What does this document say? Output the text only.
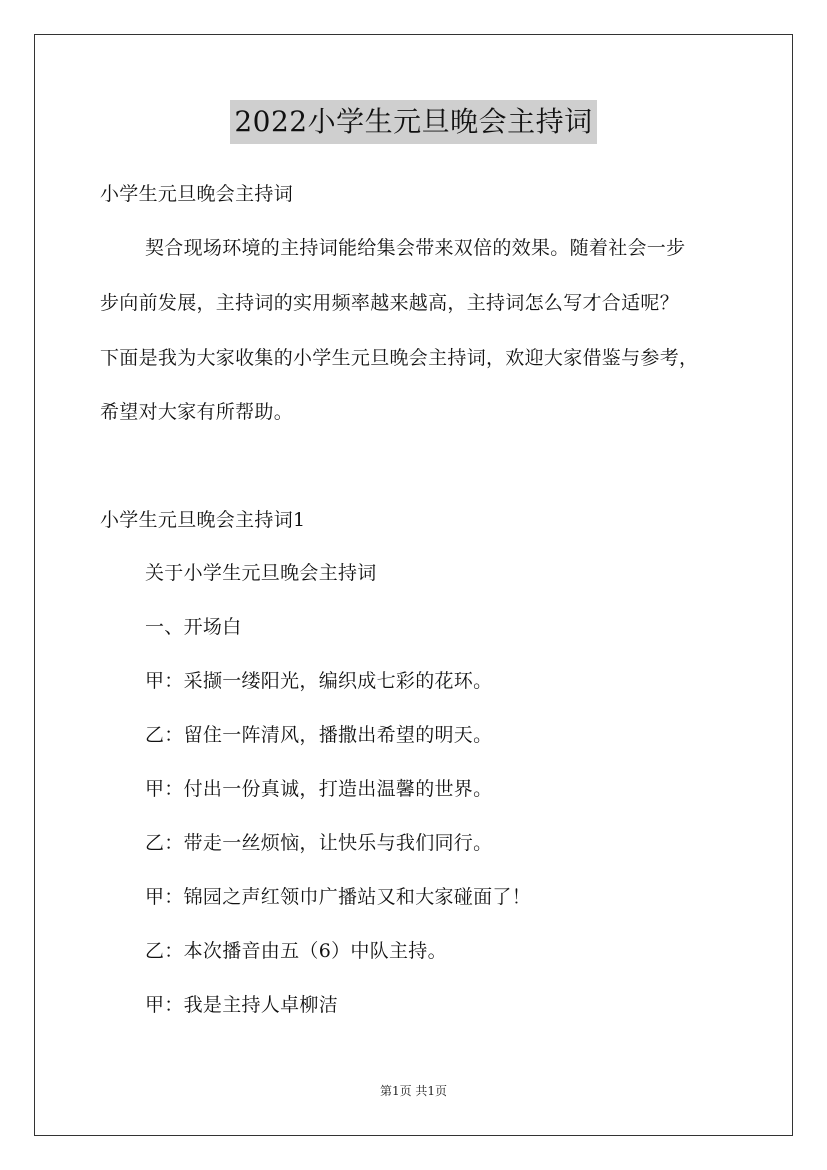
2022小学生元旦晚会主持词
小学生元旦晚会主持词
契合现场环境的主持词能给集会带来双倍的效果。随着社会一步
步向前发展，主持词的实用频率越来越高，主持词怎么写才合适呢？
下面是我为大家收集的小学生元旦晚会主持词，欢迎大家借鉴与参考，
希望对大家有所帮助。
小学生元旦晚会主持词1
关于小学生元旦晚会主持词
一、开场白
甲：采撷一缕阳光，编织成七彩的花环。
乙：留住一阵清风，播撒出希望的明天。
甲：付出一份真诚，打造出温馨的世界。
乙：带走一丝烦恼，让快乐与我们同行。
甲：锦园之声红领巾广播站又和大家碰面了！
乙：本次播音由五（6）中队主持。
甲：我是主持人卓柳洁
第1页 共1页
